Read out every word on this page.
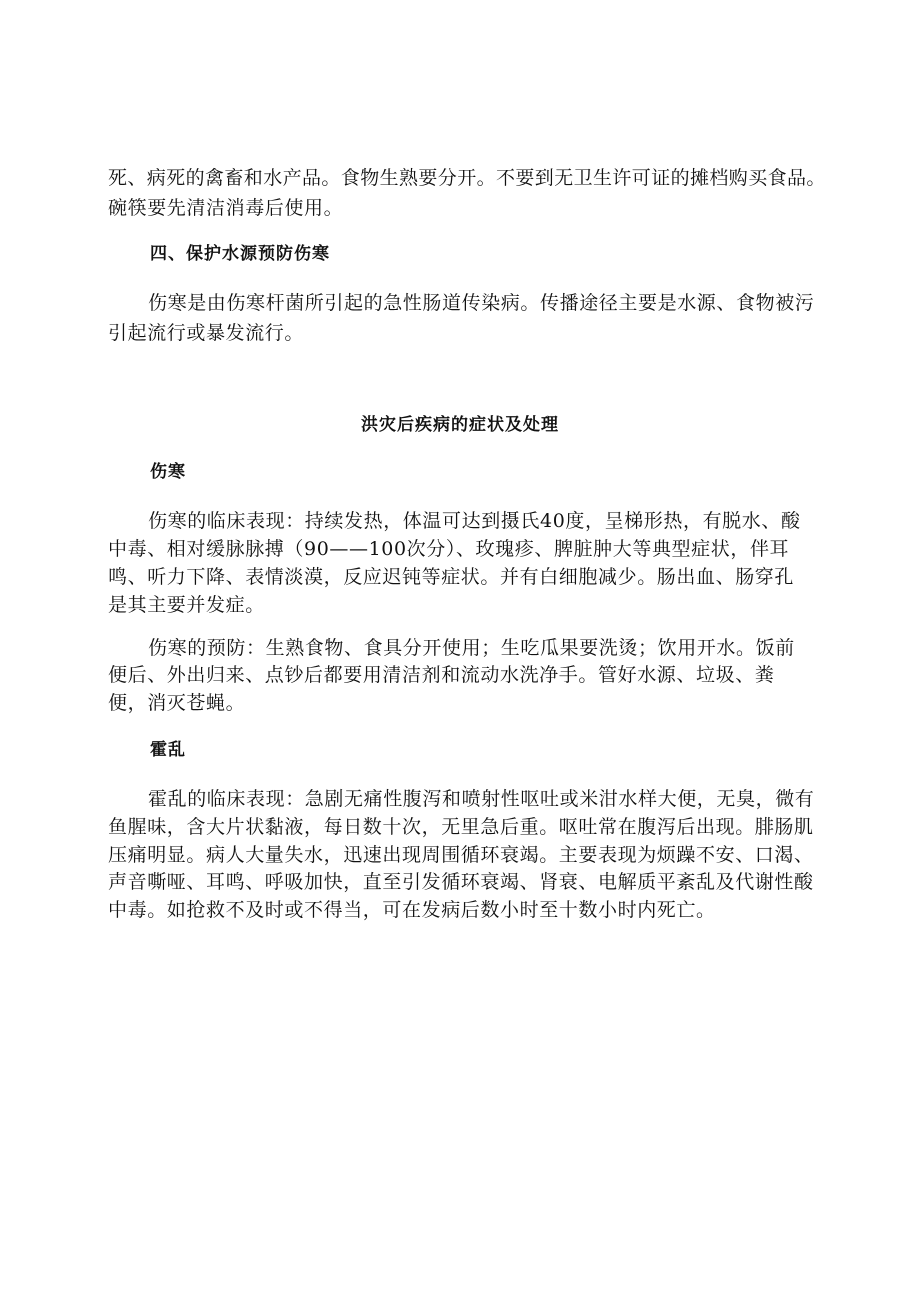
死、病死的禽畜和水产品。食物生熟要分开。不要到无卫生许可证的摊档购买食品。
碗筷要先清洁消毒后使用。
四、保护水源预防伤寒
伤寒是由伤寒杆菌所引起的急性肠道传染病。传播途径主要是水源、食物被污
引起流行或暴发流行。
洪灾后疾病的症状及处理
伤寒
伤寒的临床表现：持续发热，体温可达到摄氏40度，呈梯形热，有脱水、酸
中毒、相对缓脉脉搏（90——100次分）、玫瑰疹、脾脏肿大等典型症状，伴耳
鸣、听力下降、表情淡漠，反应迟钝等症状。并有白细胞减少。肠出血、肠穿孔
是其主要并发症。
伤寒的预防：生熟食物、食具分开使用；生吃瓜果要洗烫；饮用开水。饭前
便后、外出归来、点钞后都要用清洁剂和流动水洗净手。管好水源、垃圾、粪
便，消灭苍蝇。
霍乱
霍乱的临床表现：急剧无痛性腹泻和喷射性呕吐或米泔水样大便，无臭，微有
鱼腥味，含大片状黏液，每日数十次，无里急后重。呕吐常在腹泻后出现。腓肠肌
压痛明显。病人大量失水，迅速出现周围循环衰竭。主要表现为烦躁不安、口渴、
声音嘶哑、耳鸣、呼吸加快，直至引发循环衰竭、肾衰、电解质平紊乱及代谢性酸
中毒。如抢救不及时或不得当，可在发病后数小时至十数小时内死亡。
